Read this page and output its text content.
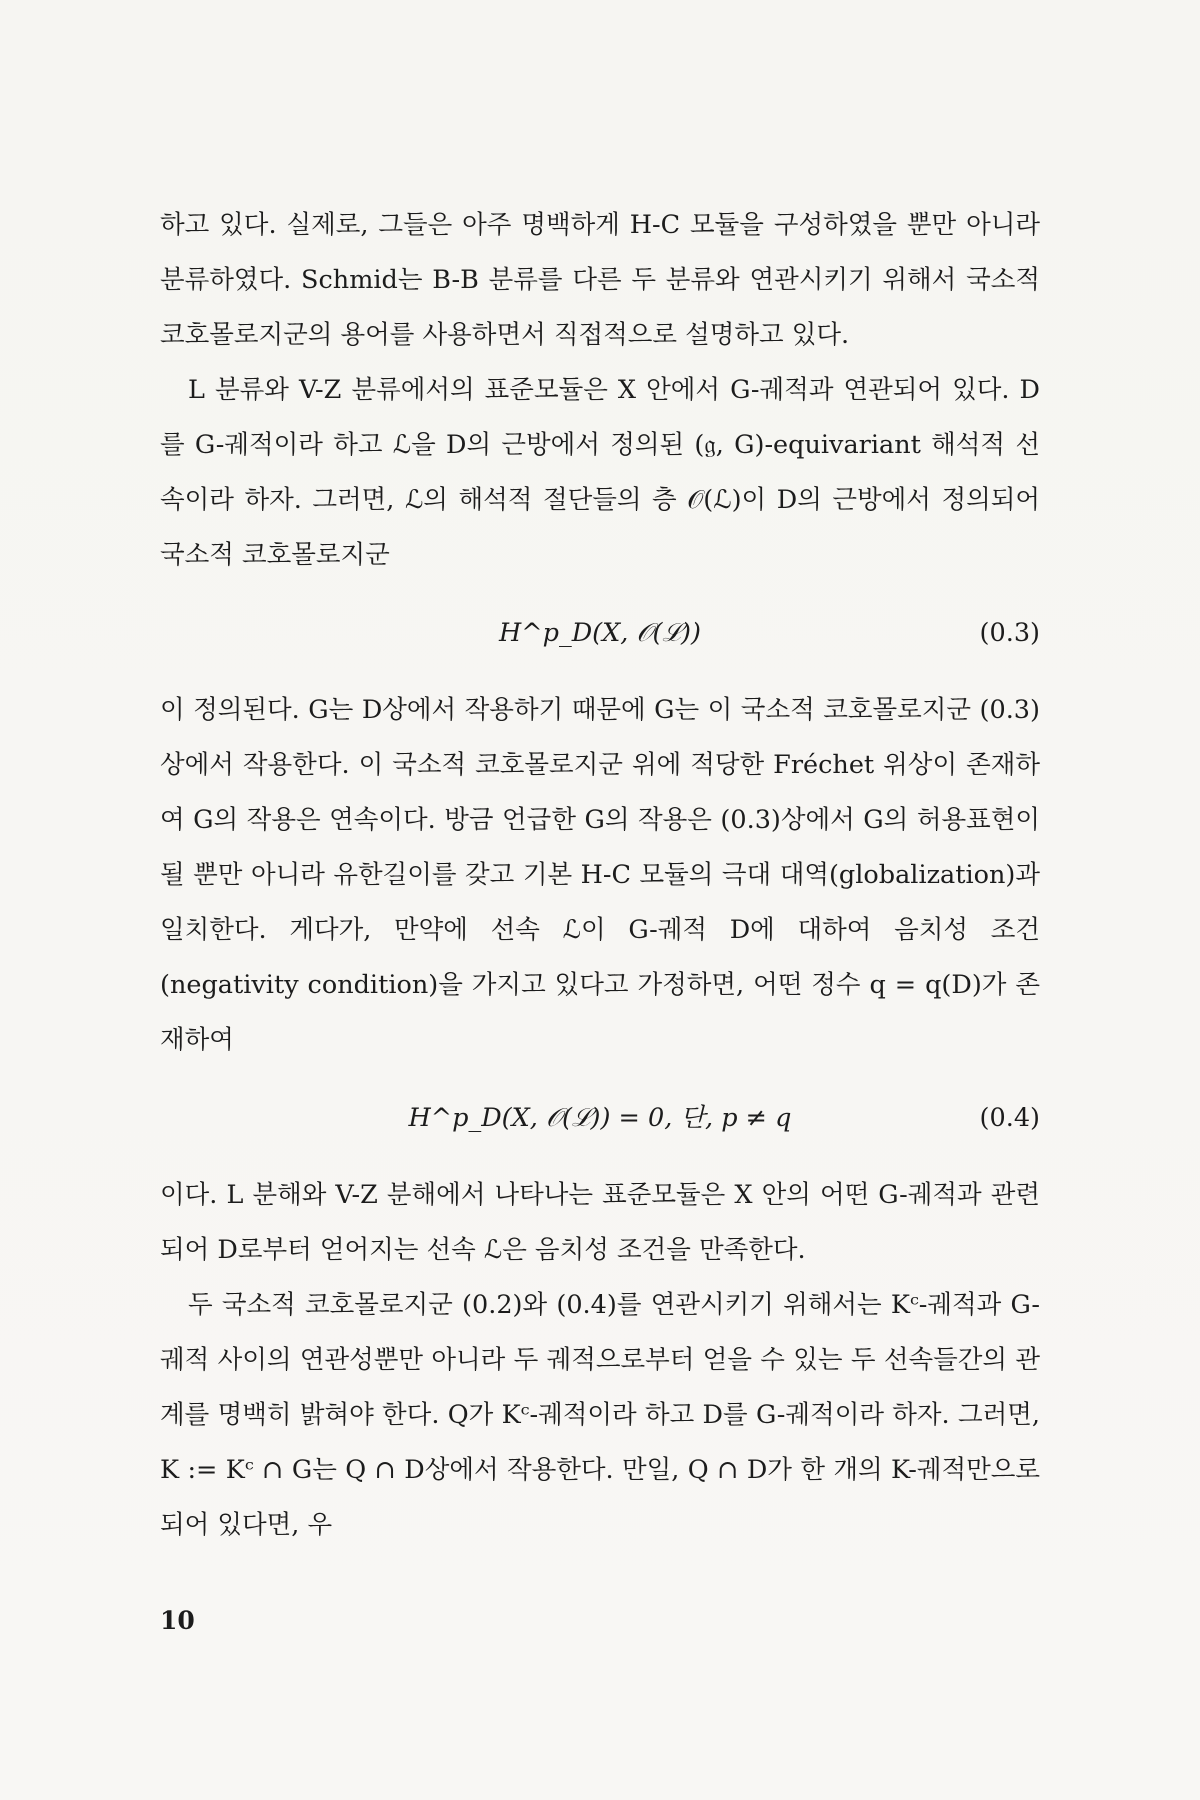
하고 있다. 실제로, 그들은 아주 명백하게 H-C 모듈을 구성하였을 뿐만 아니라 분류하였다. Schmid는 B-B 분류를 다른 두 분류와 연관시키기 위해서 국소적 코호몰로지군의 용어를 사용하면서 직접적으로 설명하고 있다.

L 분류와 V-Z 분류에서의 표준모듈은 X 안에서 G-궤적과 연관되어 있다. D를 G-궤적이라 하고 ℒ을 D의 근방에서 정의된 (𝔤, G)-equivariant 해석적 선속이라 하자. 그러면, ℒ의 해석적 절단들의 층 𝒪(ℒ)이 D의 근방에서 정의되어 국소적 코호몰로지군

H^p_D(X, 𝒪(ℒ))	(0.3)

이 정의된다. G는 D상에서 작용하기 때문에 G는 이 국소적 코호몰로지군 (0.3)상에서 작용한다. 이 국소적 코호몰로지군 위에 적당한 Fréchet 위상이 존재하여 G의 작용은 연속이다. 방금 언급한 G의 작용은 (0.3)상에서 G의 허용표현이 될 뿐만 아니라 유한길이를 갖고 기본 H-C 모듈의 극대 대역(globalization)과 일치한다. 게다가, 만약에 선속 ℒ이 G-궤적 D에 대하여 음치성 조건(negativity condition)을 가지고 있다고 가정하면, 어떤 정수 q = q(D)가 존재하여

H^p_D(X, 𝒪(ℒ)) = 0, 단, p ≠ q	(0.4)

이다. L 분해와 V-Z 분해에서 나타나는 표준모듈은 X 안의 어떤 G-궤적과 관련되어 D로부터 얻어지는 선속 ℒ은 음치성 조건을 만족한다.

두 국소적 코호몰로지군 (0.2)와 (0.4)를 연관시키기 위해서는 Kᶜ-궤적과 G-궤적 사이의 연관성뿐만 아니라 두 궤적으로부터 얻을 수 있는 두 선속들간의 관계를 명백히 밝혀야 한다. Q가 Kᶜ-궤적이라 하고 D를 G-궤적이라 하자. 그러면, K := Kᶜ ∩ G는 Q ∩ D상에서 작용한다. 만일, Q ∩ D가 한 개의 K-궤적만으로 되어 있다면, 우

10
